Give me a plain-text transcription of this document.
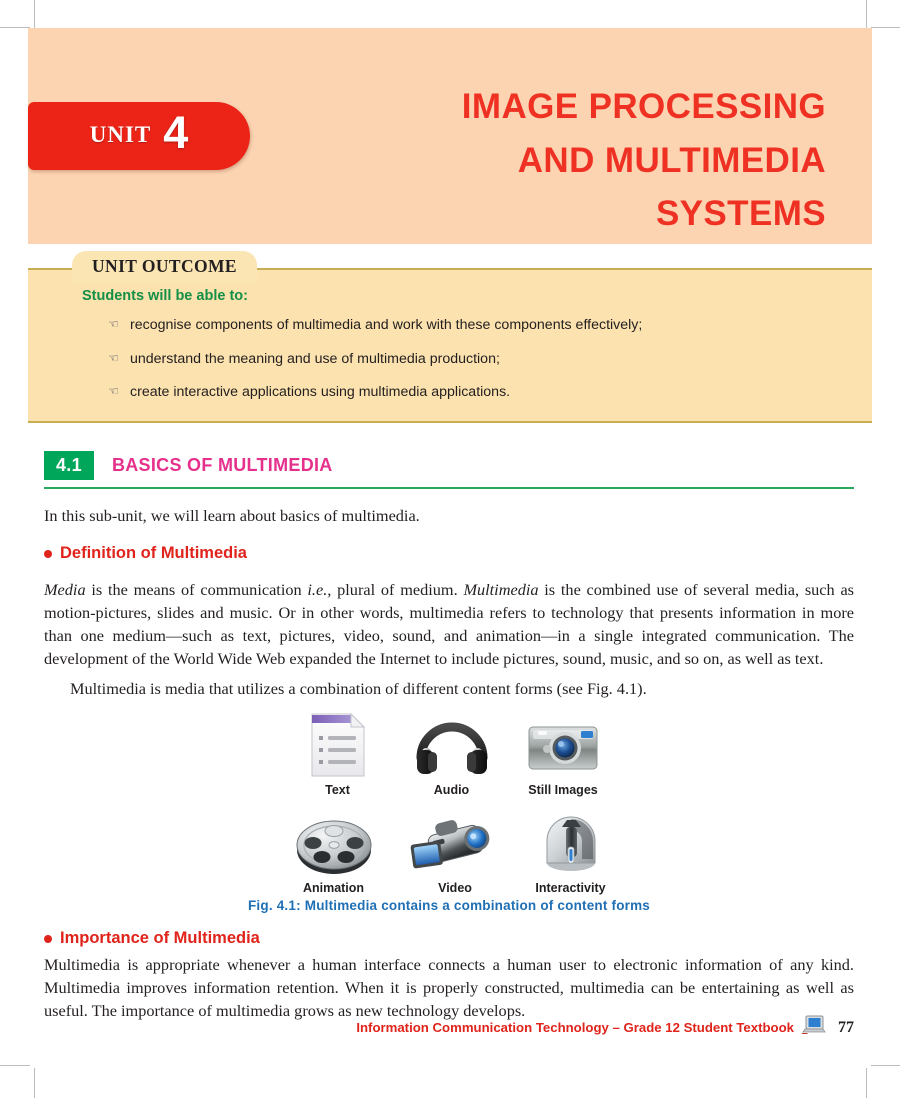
UNIT 4	IMAGE PROCESSING
AND MULTIMEDIA
SYSTEMS
UNIT OUTCOME

Students will be able to:

☞ recognise components of multimedia and work with these components effectively;
☞ understand the meaning and use of multimedia production;
☞ create interactive applications using multimedia applications.
4.1	BASICS OF MULTIMEDIA

In this sub-unit, we will learn about basics of multimedia.

Definition of Multimedia

Media is the means of communication i.e., plural of medium. Multimedia is the combined use of several media, such as motion-pictures, slides and music. Or in other words, multimedia refers to technology that presents information in more than one medium—such as text, pictures, video, sound, and animation—in a single integrated communication. The development of the World Wide Web expanded the Internet to include pictures, sound, music, and so on, as well as text.

Multimedia is media that utilizes a combination of different content forms (see Fig. 4.1).

Text	Audio	Still Images
Animation	Video	Interactivity
Fig. 4.1: Multimedia contains a combination of content forms
Importance of Multimedia

Multimedia is appropriate whenever a human interface connects a human user to electronic information of any kind. Multimedia improves information retention. When it is properly constructed, multimedia can be entertaining as well as useful. The importance of multimedia grows as new technology develops.

Information Communication Technology – Grade 12 Student Textbook	77
